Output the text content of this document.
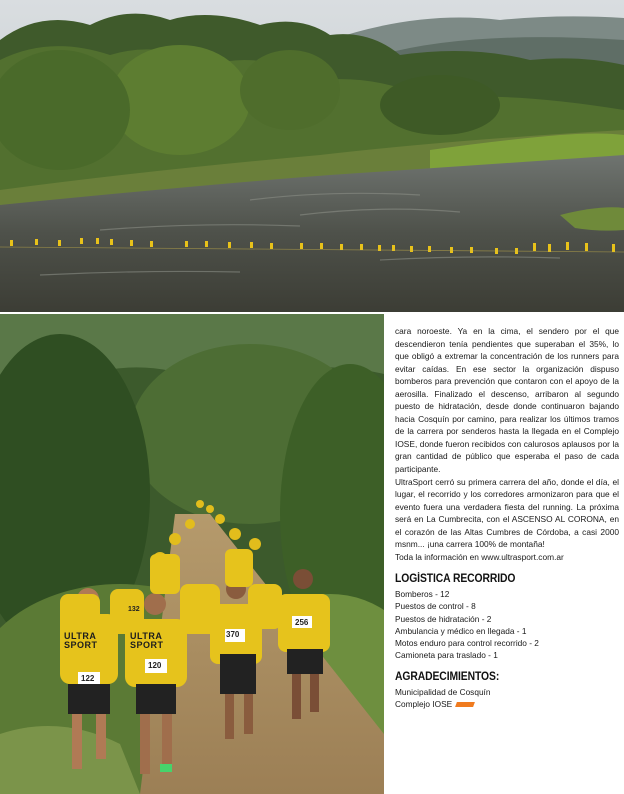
cara noroeste. Ya en la cima, el sendero por el que descendieron tenía pendientes que superaban el 35%, lo que obligó a extremar la concentración de los runners para evitar caídas. En ese sector la organización dispuso bomberos para prevención que contaron con el apoyo de la aerosilla. Finalizado el descenso, arribaron al segundo puesto de hidratación, desde donde continuaron bajando hacia Cosquín por camino, para realizar los últimos tramos de la carrera por senderos hasta la llegada en el Complejo IOSE, donde fueron recibidos con calurosos aplausos por la gran cantidad de público que esperaba el paso de cada participante.

UltraSport cerró su primera carrera del año, donde el día, el lugar, el recorrido y los corredores armonizaron para que el evento fuera una verdadera fiesta del running. La próxima será en La Cumbrecita, con el ASCENSO AL CORONA, en el corazón de las Altas Cumbres de Córdoba, a casi 2000 msnm... ¡una carrera 100% de montaña!

Toda la información en www.ultrasport.com.ar

LOGÍSTICA RECORRIDO
Bomberos - 12
Puestos de control - 8
Puestos de hidratación - 2
Ambulancia y médico en llegada - 1
Motos enduro para control recorrido - 2
Camioneta para traslado - 1
AGRADECIMIENTOS:
Municipalidad de Cosquín
Complejo IOSE
370
256
122
132
120
ULTRA SPORT
ULTRA SPORT
